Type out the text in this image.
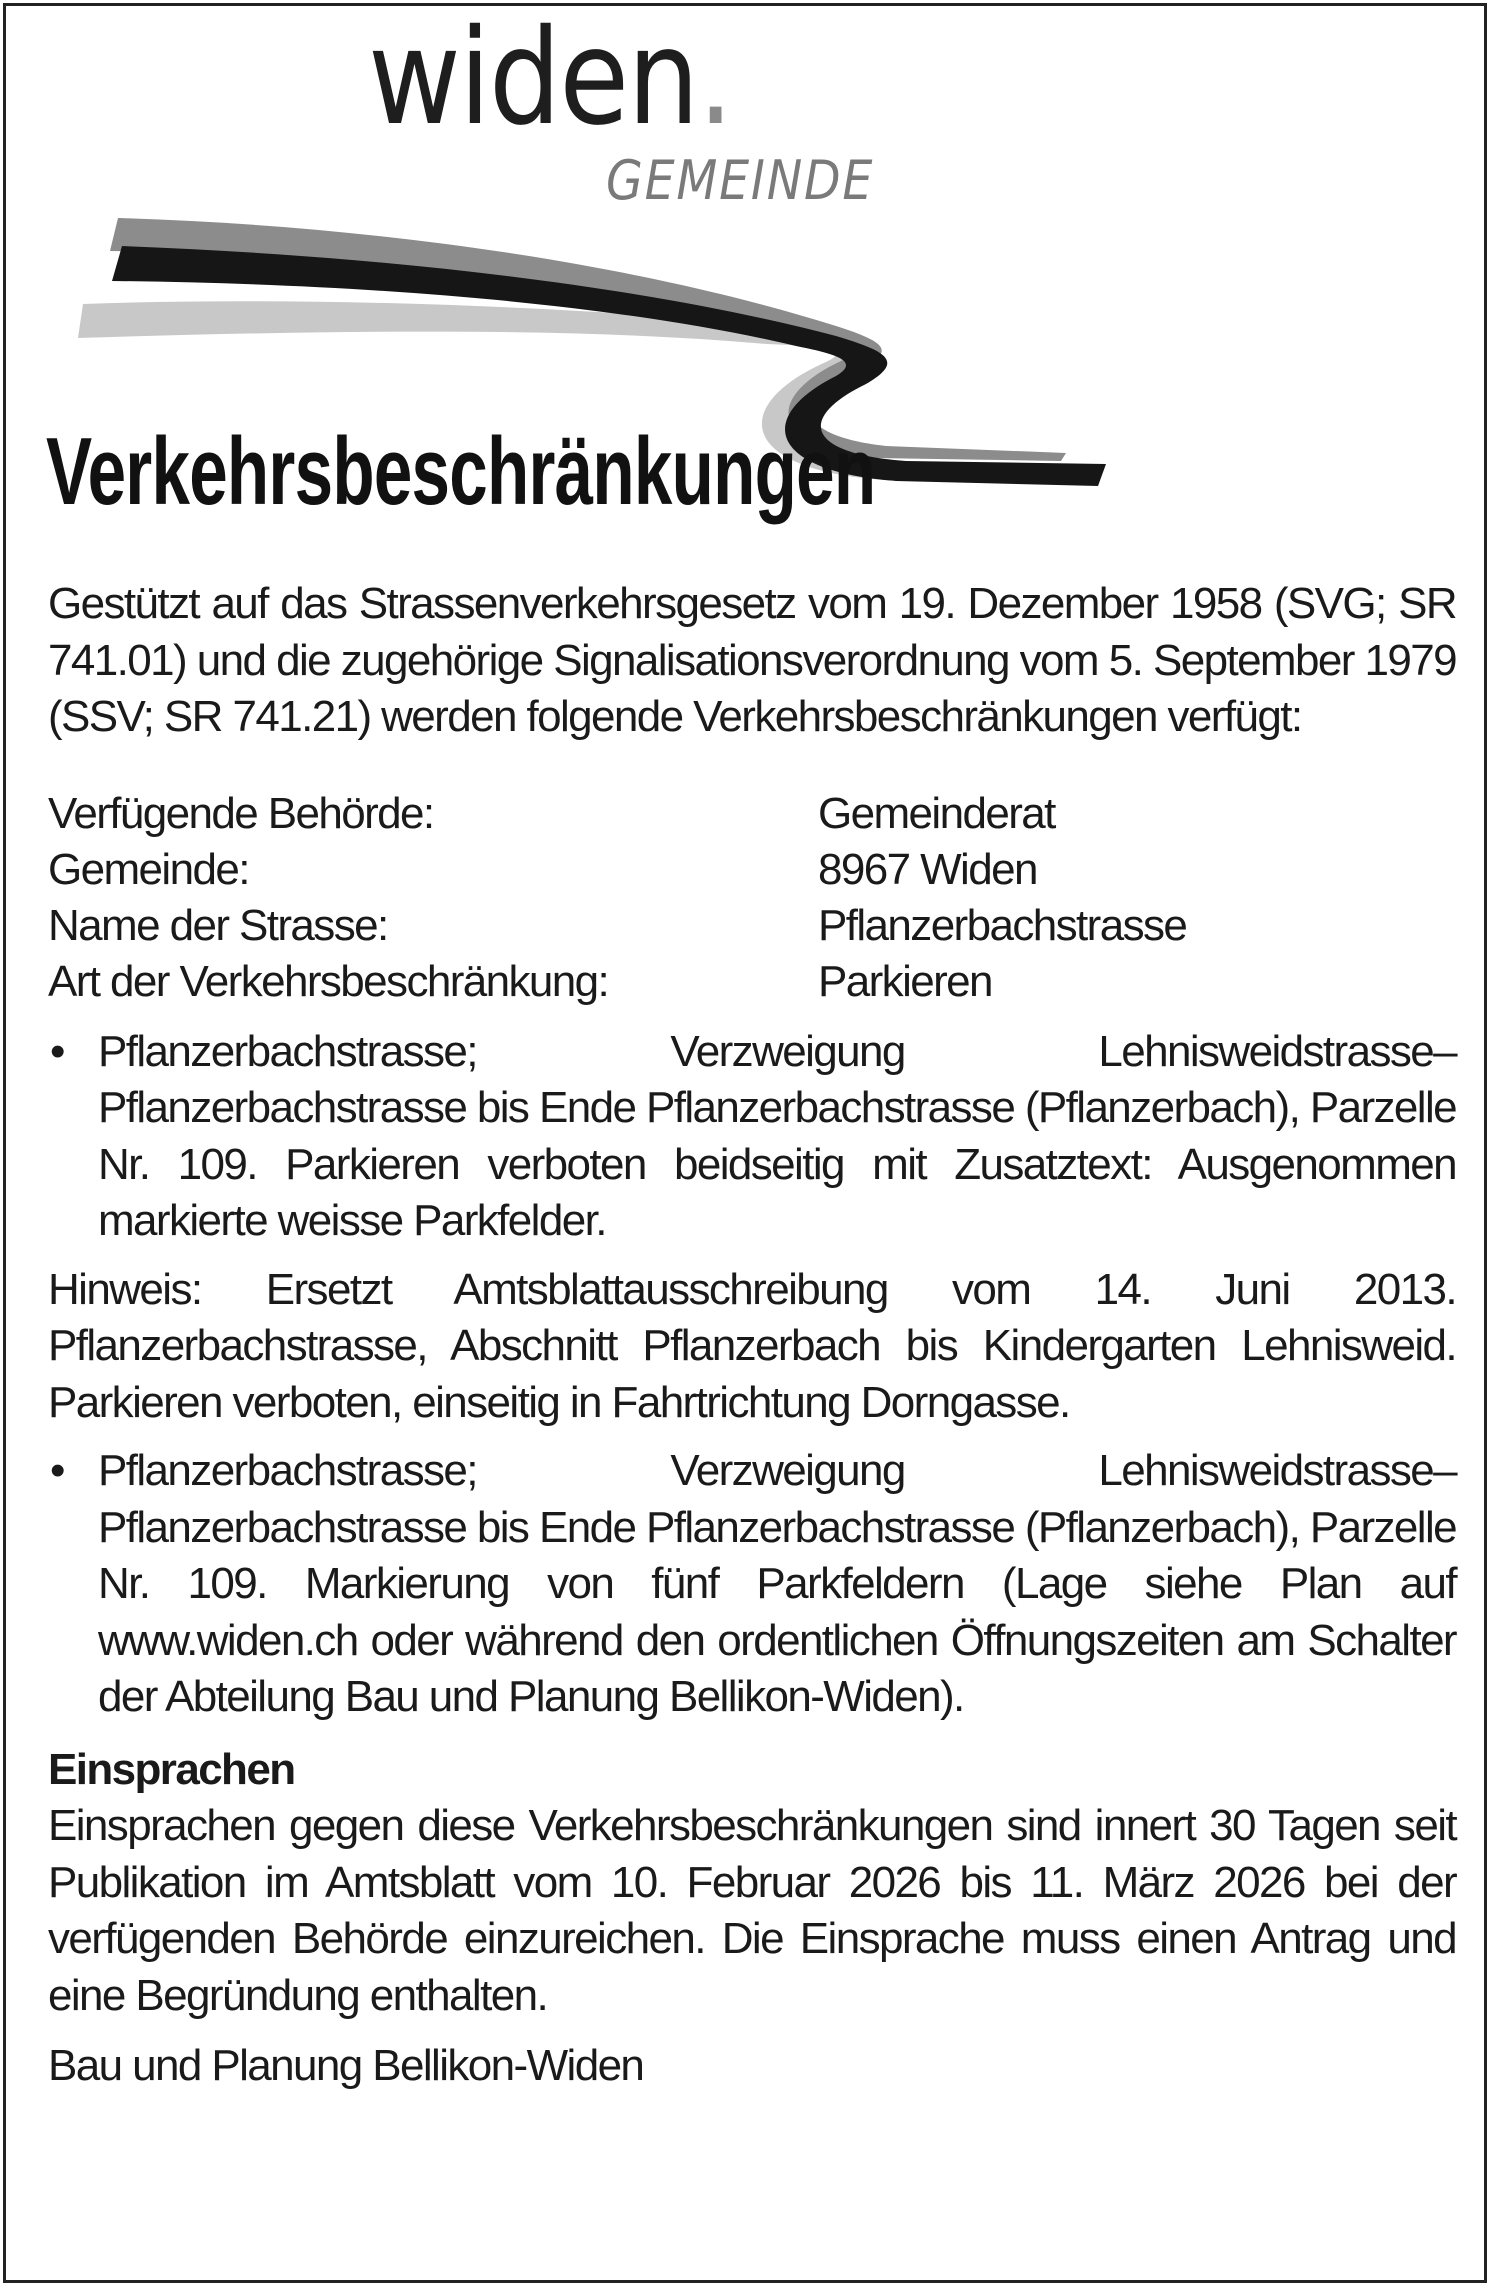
widen.
GEMEINDE
Verkehrsbeschränkungen

Gestützt auf das Strassenverkehrsgesetz vom 19. Dezember 1958 (SVG; SR 741.01) und die zugehörige Signalisationsverordnung vom 5. September 1979 (SSV; SR 741.21) werden folgende Verkehrsbeschränkungen verfügt:

Verfügende Behörde:	Gemeinderat
Gemeinde:	8967 Widen
Name der Strasse:	Pflanzerbachstrasse
Art der Verkehrsbeschränkung:	Parkieren

• Pflanzerbachstrasse; Verzweigung Lehnisweidstrasse–Pflanzerbachstrasse bis Ende Pflanzerbachstrasse (Pflanzerbach), Parzelle Nr. 109. Parkieren verboten beidseitig mit Zusatztext: Ausgenommen markierte weisse Parkfelder.

Hinweis: Ersetzt Amtsblattausschreibung vom 14. Juni 2013. Pflanzerbachstrasse, Abschnitt Pflanzerbach bis Kindergarten Lehnisweid. Parkieren verboten, einseitig in Fahrtrichtung Dorngasse.

• Pflanzerbachstrasse; Verzweigung Lehnisweidstrasse–Pflanzerbachstrasse bis Ende Pflanzerbachstrasse (Pflanzerbach), Parzelle Nr. 109. Markierung von fünf Parkfeldern (Lage siehe Plan auf www.widen.ch oder während den ordentlichen Öffnungszeiten am Schalter der Abteilung Bau und Planung Bellikon-Widen).

Einsprachen

Einsprachen gegen diese Verkehrsbeschränkungen sind innert 30 Tagen seit Publikation im Amtsblatt vom 10. Februar 2026 bis 11. März 2026 bei der verfügenden Behörde einzureichen. Die Einsprache muss einen Antrag und eine Begründung enthalten.

Bau und Planung Bellikon-Widen
